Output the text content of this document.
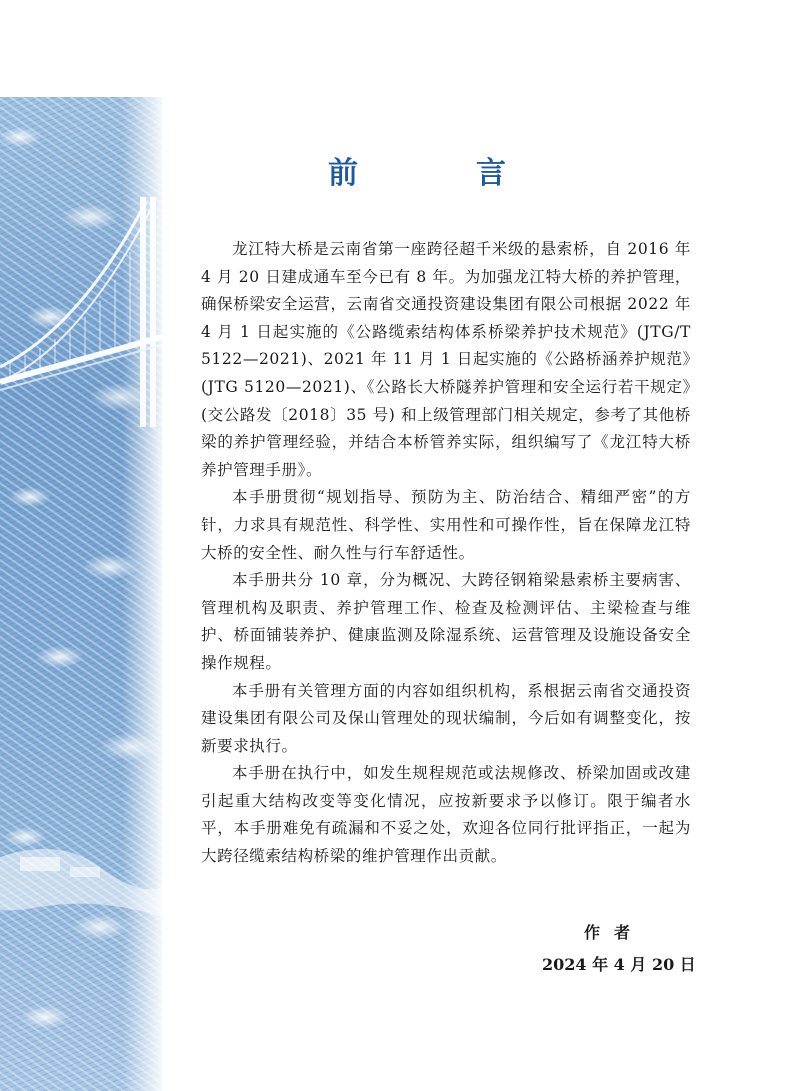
前　言

龙江特大桥是云南省第一座跨径超千米级的悬索桥，自 2016 年 4 月 20 日建成通车至今已有 8 年。为加强龙江特大桥的养护管理，确保桥梁安全运营，云南省交通投资建设集团有限公司根据 2022 年 4 月 1 日起实施的《公路缆索结构体系桥梁养护技术规范》(JTG/T 5122—2021)、2021 年 11 月 1 日起实施的《公路桥涵养护规范》(JTG 5120—2021)、《公路长大桥隧养护管理和安全运行若干规定》(交公路发〔2018〕35 号) 和上级管理部门相关规定，参考了其他桥梁的养护管理经验，并结合本桥管养实际，组织编写了《龙江特大桥养护管理手册》。

本手册贯彻“规划指导、预防为主、防治结合、精细严密”的方针，力求具有规范性、科学性、实用性和可操作性，旨在保障龙江特大桥的安全性、耐久性与行车舒适性。

本手册共分 10 章，分为概况、大跨径钢箱梁悬索桥主要病害、管理机构及职责、养护管理工作、检查及检测评估、主梁检查与维护、桥面铺装养护、健康监测及除湿系统、运营管理及设施设备安全操作规程。

本手册有关管理方面的内容如组织机构，系根据云南省交通投资建设集团有限公司及保山管理处的现状编制，今后如有调整变化，按新要求执行。

本手册在执行中，如发生规程规范或法规修改、桥梁加固或改建引起重大结构改变等变化情况，应按新要求予以修订。限于编者水平，本手册难免有疏漏和不妥之处，欢迎各位同行批评指正，一起为大跨径缆索结构桥梁的维护管理作出贡献。

作者
2024 年 4 月 20 日
